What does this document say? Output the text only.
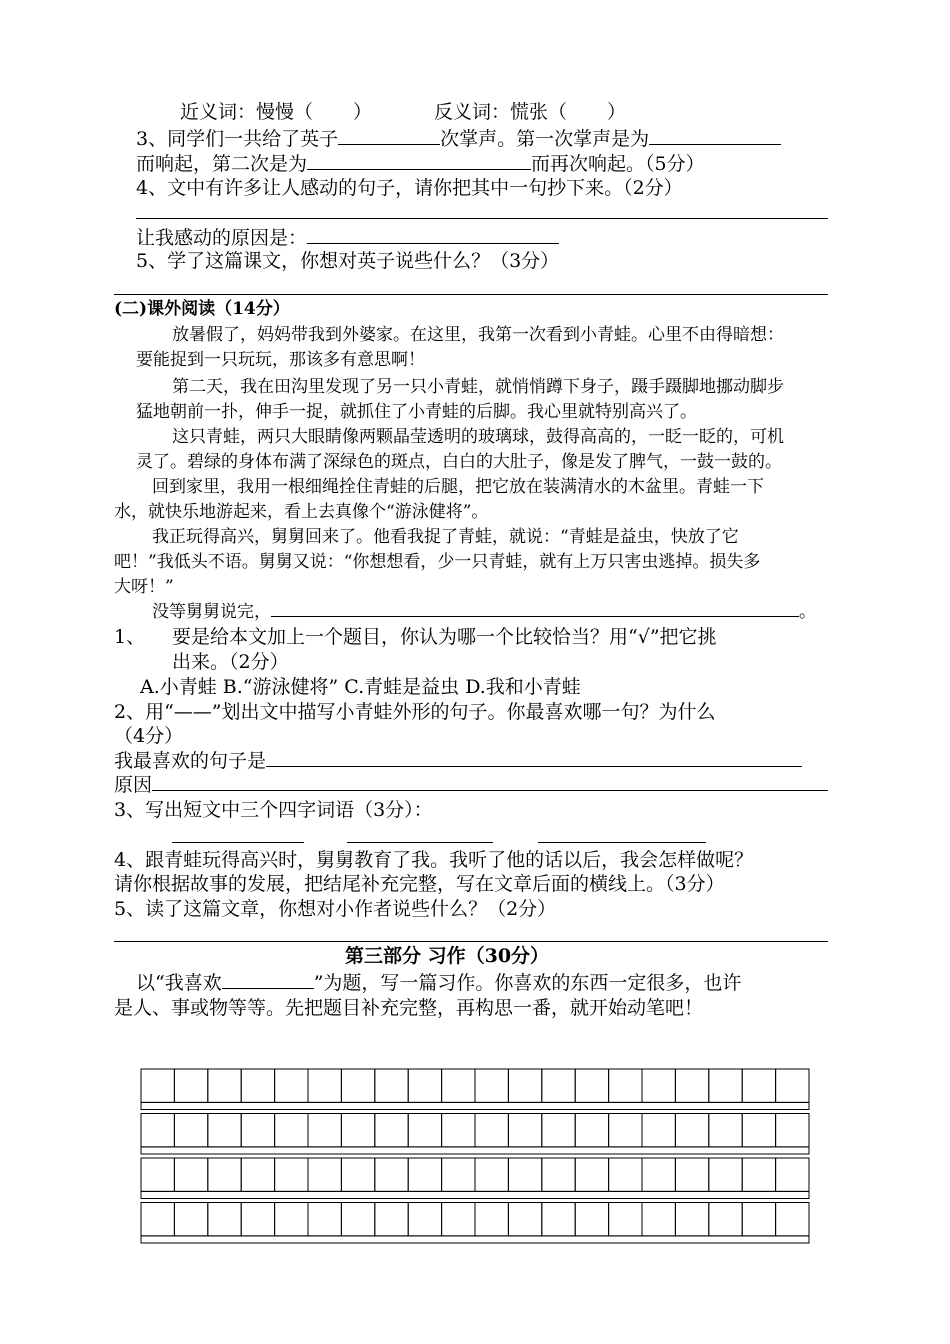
近义词：慢慢（ ）	反义词：慌张（ ）
3、同学们一共给了英子	次掌声。第一次掌声是为
而响起，第二次是为	而再次响起。（5分）
4、文中有许多让人感动的句子，请你把其中一句抄下来。（2分）
让我感动的原因是：
5、学了这篇课文，你想对英子说些什么？（3分）
(二)课外阅读（14分）
放暑假了，妈妈带我到外婆家。在这里，我第一次看到小青蛙。心里不由得暗想：
要能捉到一只玩玩，那该多有意思啊！
第二天，我在田沟里发现了另一只小青蛙，就悄悄蹲下身子，蹑手蹑脚地挪动脚步
猛地朝前一扑，伸手一捉，就抓住了小青蛙的后脚。我心里就特别高兴了。
这只青蛙，两只大眼睛像两颗晶莹透明的玻璃球，鼓得高高的，一眨一眨的，可机
灵了。碧绿的身体布满了深绿色的斑点，白白的大肚子，像是发了脾气，一鼓一鼓的。
回到家里，我用一根细绳拴住青蛙的后腿，把它放在装满清水的木盆里。青蛙一下
水，就快乐地游起来，看上去真像个“游泳健将”。
我正玩得高兴，舅舅回来了。他看我捉了青蛙，就说：“青蛙是益虫，快放了它
吧！”我低头不语。舅舅又说：“你想想看，少一只青蛙，就有上万只害虫逃掉。损失多
大呀！”
没等舅舅说完，	。
1、 要是给本文加上一个题目，你认为哪一个比较恰当？用“√”把它挑
出来。（2分）
A.小青蛙 B.“游泳健将” C.青蛙是益虫 D.我和小青蛙
2、用“——”划出文中描写小青蛙外形的句子。你最喜欢哪一句？为什么
（4分）
我最喜欢的句子是
原因
3、写出短文中三个四字词语（3分）：
4、跟青蛙玩得高兴时，舅舅教育了我。我听了他的话以后，我会怎样做呢？
请你根据故事的发展，把结尾补充完整，写在文章后面的横线上。（3分）
5、读了这篇文章，你想对小作者说些什么？（2分）
第三部分 习作（30分）
以“我喜欢	”为题，写一篇习作。你喜欢的东西一定很多，也许
是人、事或物等等。先把题目补充完整，再构思一番，就开始动笔吧！
